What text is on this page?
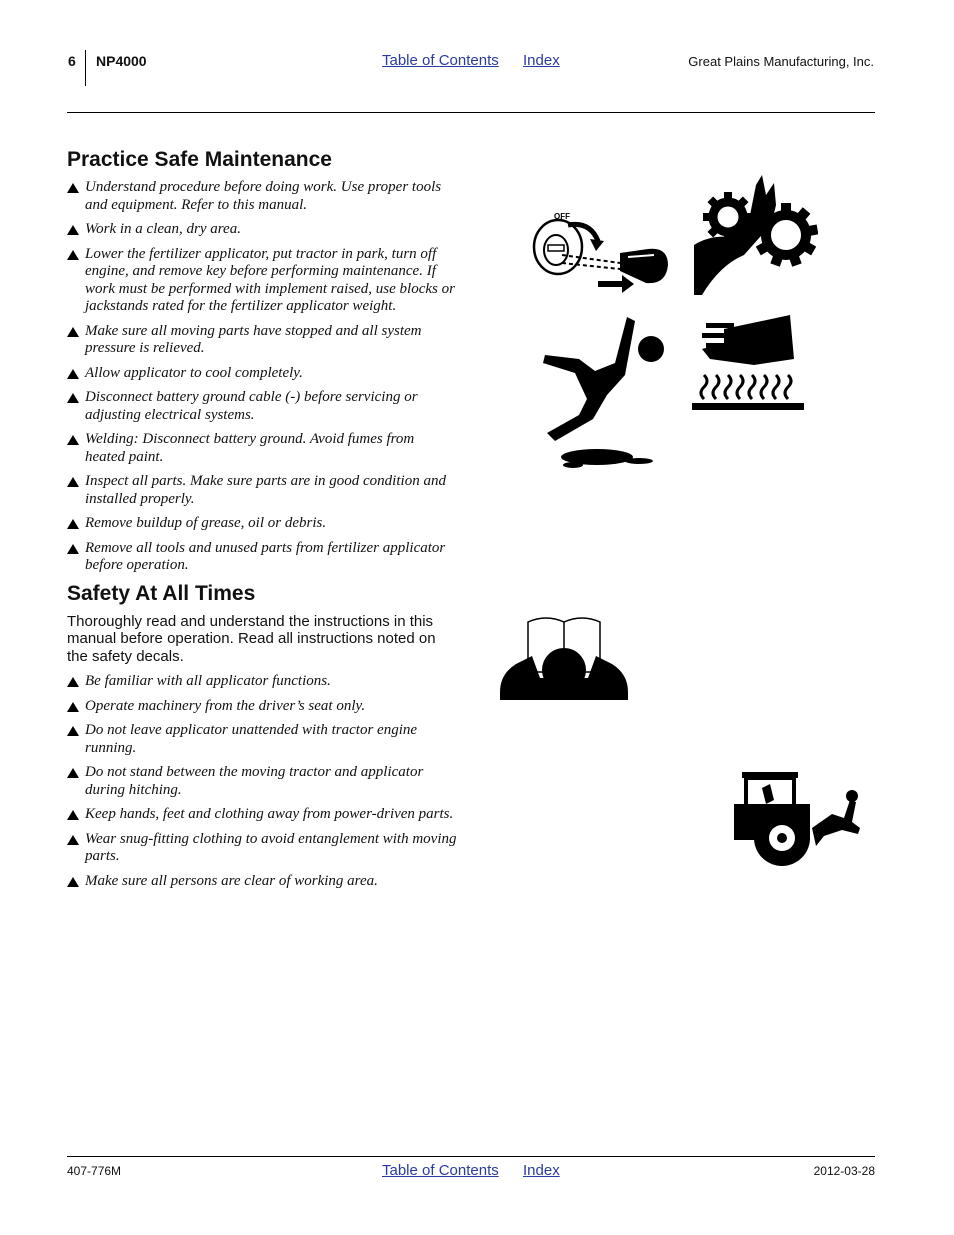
6 NP4000	Table of Contents Index	Great Plains Manufacturing, Inc.
Practice Safe Maintenance
Understand procedure before doing work. Use proper tools and equipment. Refer to this manual.
Work in a clean, dry area.
Lower the fertilizer applicator, put tractor in park, turn off engine, and remove key before performing maintenance. If work must be performed with implement raised, use blocks or jackstands rated for the fertilizer applicator weight.
Make sure all moving parts have stopped and all system pressure is relieved.
Allow applicator to cool completely.
Disconnect battery ground cable (-) before servicing or adjusting electrical systems.
Welding: Disconnect battery ground. Avoid fumes from heated paint.
Inspect all parts. Make sure parts are in good condition and installed properly.
Remove buildup of grease, oil or debris.
Remove all tools and unused parts from fertilizer applicator before operation.
Safety At All Times

Thoroughly read and understand the instructions in this manual before operation. Read all instructions noted on the safety decals.

Be familiar with all applicator functions.
Operate machinery from the driver’s seat only.
Do not leave applicator unattended with tractor engine running.
Do not stand between the moving tractor and applicator during hitching.
Keep hands, feet and clothing away from power-driven parts.
Wear snug-fitting clothing to avoid entanglement with moving parts.
Make sure all persons are clear of working area.
OFF
407-776M	Table of Contents Index	2012-03-28
